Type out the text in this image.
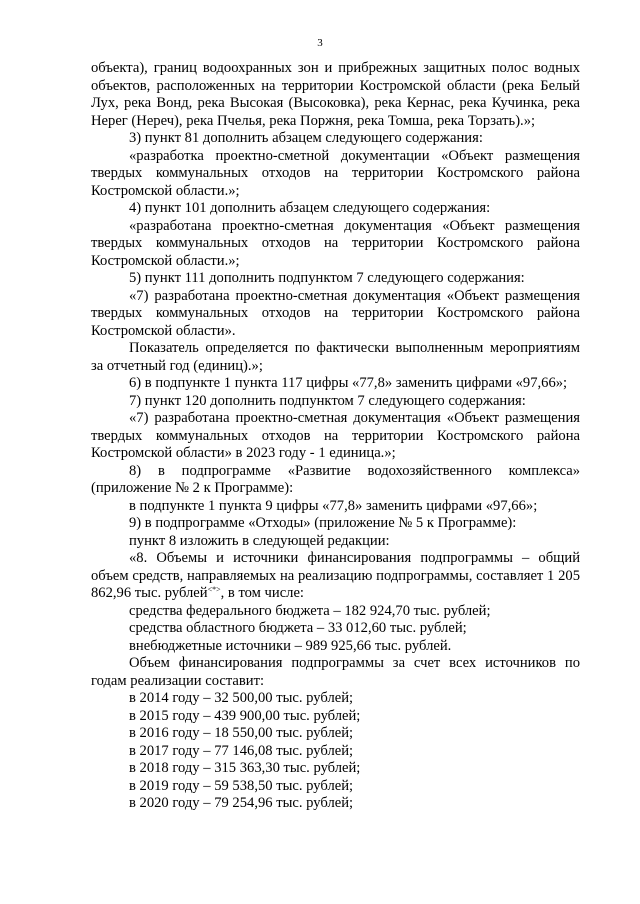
3

объекта), границ водоохранных зон и прибрежных защитных полос водных объектов, расположенных на территории Костромской области (река Белый Лух, река Вонд, река Высокая (Высоковка), река Кернас, река Кучинка, река Нерег (Нереч), река Пчелья, река Поржня, река Томша, река Торзать).»;

3) пункт 81 дополнить абзацем следующего содержания:

«разработка проектно-сметной документации «Объект размещения твердых коммунальных отходов на территории Костромского района Костромской области.»;

4) пункт 101 дополнить абзацем следующего содержания:

«разработана проектно-сметная документация «Объект размещения твердых коммунальных отходов на территории Костромского района Костромской области.»;

5) пункт 111 дополнить подпунктом 7 следующего содержания:

«7) разработана проектно-сметная документация «Объект размещения твердых коммунальных отходов на территории Костромского района Костромской области».

Показатель определяется по фактически выполненным мероприятиям за отчетный год (единиц).»;

6) в подпункте 1 пункта 117 цифры «77,8» заменить цифрами «97,66»;

7) пункт 120 дополнить подпунктом 7 следующего содержания:

«7) разработана проектно-сметная документация «Объект размещения твердых коммунальных отходов на территории Костромского района Костромской области» в 2023 году - 1 единица.»;

8) в подпрограмме «Развитие водохозяйственного комплекса» (приложение № 2 к Программе):

в подпункте 1 пункта 9 цифры «77,8» заменить цифрами «97,66»;

9) в подпрограмме «Отходы» (приложение № 5 к Программе):

пункт 8 изложить в следующей редакции:

«8. Объемы и источники финансирования подпрограммы – общий объем средств, направляемых на реализацию подпрограммы, составляет 1 205 862,96 тыс. рублей<*>, в том числе:

средства федерального бюджета – 182 924,70 тыс. рублей;

средства областного бюджета – 33 012,60 тыс. рублей;

внебюджетные источники – 989 925,66 тыс. рублей.

Объем финансирования подпрограммы за счет всех источников по годам реализации составит:

в 2014 году – 32 500,00 тыс. рублей;

в 2015 году – 439 900,00 тыс. рублей;

в 2016 году – 18 550,00 тыс. рублей;

в 2017 году – 77 146,08 тыс. рублей;

в 2018 году – 315 363,30 тыс. рублей;

в 2019 году – 59 538,50 тыс. рублей;

в 2020 году – 79 254,96 тыс. рублей;
